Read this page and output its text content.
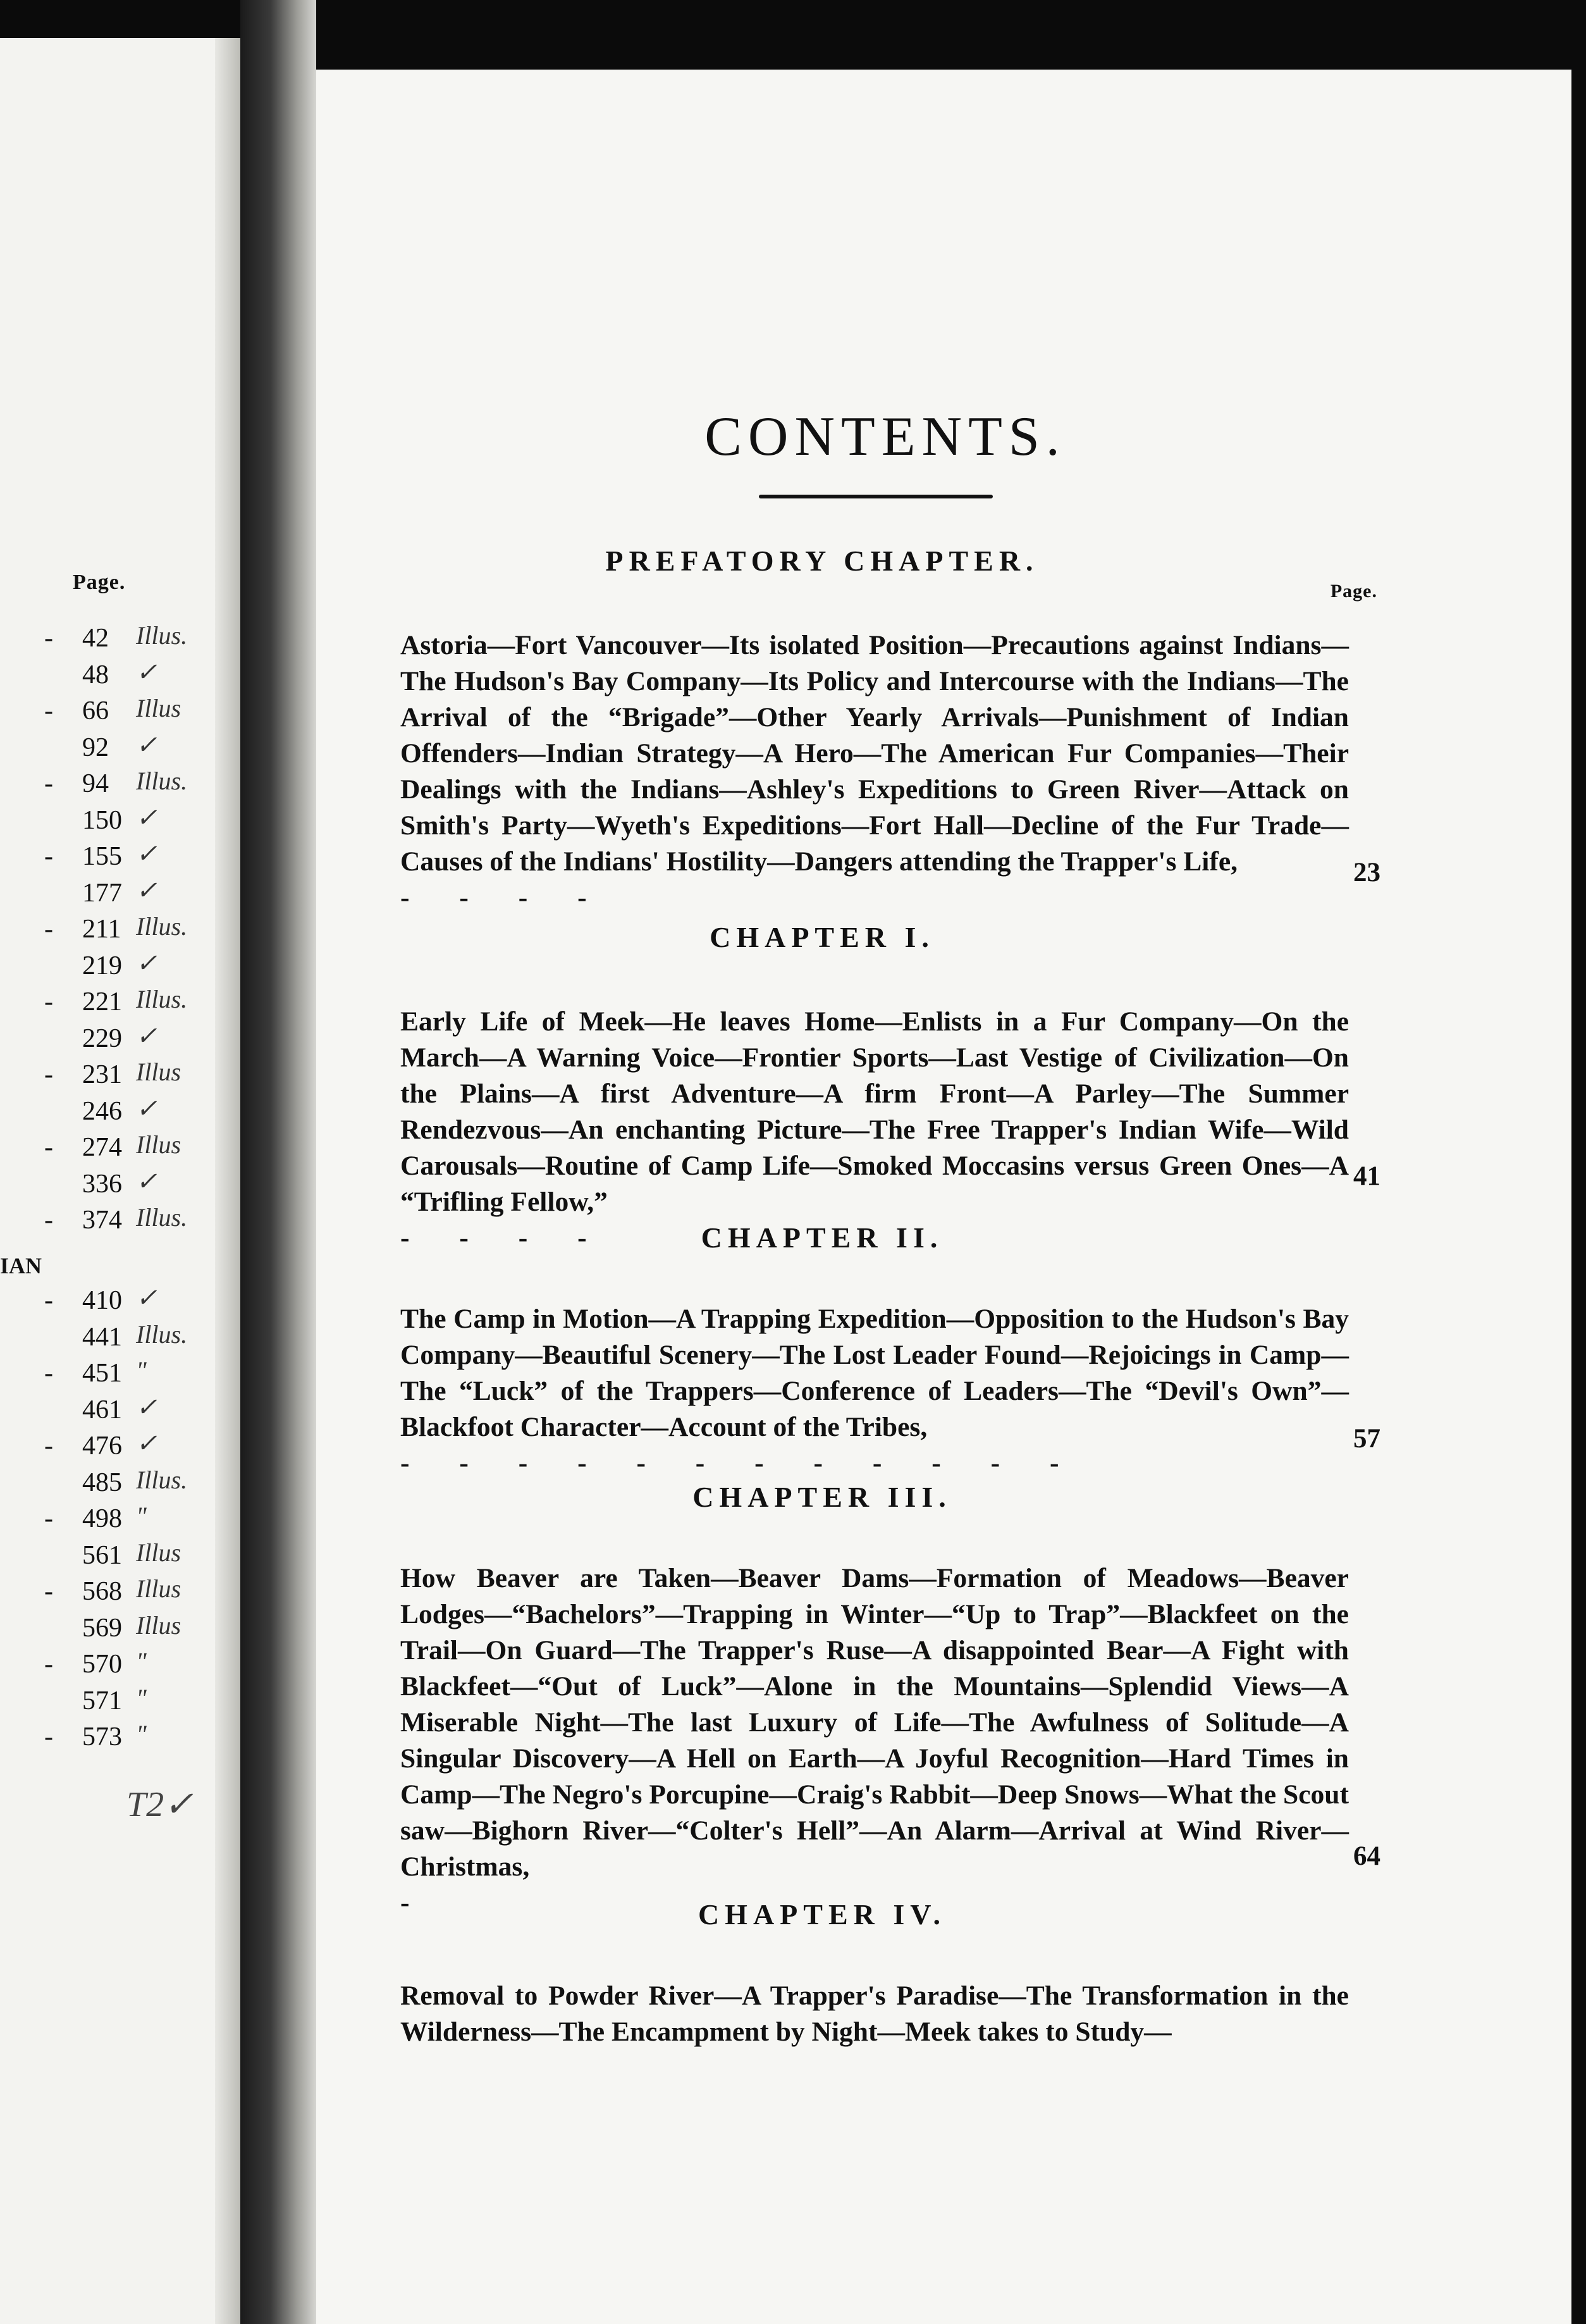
Page.
- 42 Illus.
48 ✓
- 66 Illus
92 ✓
- 94 Illus.
150 ✓
- 155 ✓
177 ✓
- 211 Illus.
219 ✓
- 221 Illus.
229 ✓
- 231 Illus
246 ✓
- 274 Illus
336 ✓
- 374 Illus.
- 410 ✓
441 Illus.
- 451 "
461 ✓
- 476 ✓
485 Illus.
- 498 "
561 Illus
- 568 Illus
569 Illus
- 570 "
571 "
- 573 "
IAN
T2✓
CONTENTS.
Page.
PREFATORY CHAPTER.

Astoria—Fort Vancouver—Its isolated Position—Precautions against Indians—The Hudson's Bay Company—Its Policy and Intercourse with the Indians—The Arrival of the “Brigade”—Other Yearly Arrivals—Punishment of Indian Offenders—Indian Strategy—A Hero—The American Fur Companies—Their Dealings with the Indians—Ashley's Expeditions to Green River—Attack on Smith's Party—Wyeth's Expeditions—Fort Hall—Decline of the Fur Trade—Causes of the Indians' Hostility—Dangers attending the Trapper's Life,
- - - -

23
CHAPTER I.

Early Life of Meek—He leaves Home—Enlists in a Fur Company—On the March—A Warning Voice—Frontier Sports—Last Vestige of Civilization—On the Plains—A first Adventure—A firm Front—A Parley—The Summer Rendezvous—An enchanting Picture—The Free Trapper's Indian Wife—Wild Carousals—Routine of Camp Life—Smoked Moccasins versus Green Ones—A “Trifling Fellow,”
- - - -

41
CHAPTER II.

The Camp in Motion—A Trapping Expedition—Opposition to the Hudson's Bay Company—Beautiful Scenery—The Lost Leader Found—Rejoicings in Camp—The “Luck” of the Trappers—Conference of Leaders—The “Devil's Own”—Blackfoot Character—Account of the Tribes,
- - - - - - - - - - - -

57
CHAPTER III.

How Beaver are Taken—Beaver Dams—Formation of Meadows—Beaver Lodges—“Bachelors”—Trapping in Winter—“Up to Trap”—Blackfeet on the Trail—On Guard—The Trapper's Ruse—A disappointed Bear—A Fight with Blackfeet—“Out of Luck”—Alone in the Mountains—Splendid Views—A Miserable Night—The last Luxury of Life—The Awfulness of Solitude—A Singular Discovery—A Hell on Earth—A Joyful Recognition—Hard Times in Camp—The Negro's Porcupine—Craig's Rabbit—Deep Snows—What the Scout saw—Bighorn River—“Colter's Hell”—An Alarm—Arrival at Wind River—Christmas,
-

64
CHAPTER IV.

Removal to Powder River—A Trapper's Paradise—The Transformation in the Wilderness—The Encampment by Night—Meek takes to Study—
